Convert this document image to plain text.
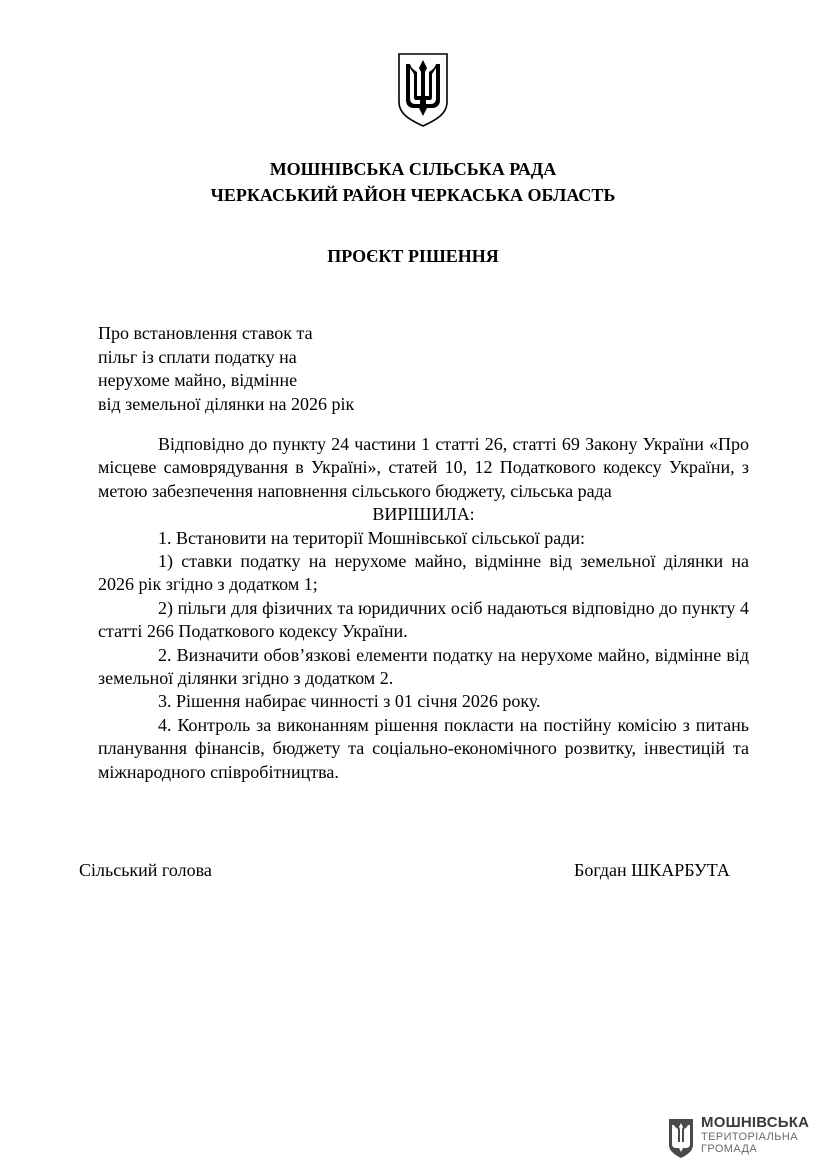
МОШНІВСЬКА СІЛЬСЬКА РАДА
ЧЕРКАСЬКИЙ РАЙОН ЧЕРКАСЬКА ОБЛАСТЬ
ПРОЄКТ РІШЕННЯ
Про встановлення ставок та
пільг із сплати податку на
нерухоме майно, відмінне
від земельної ділянки на 2026 рік

Відповідно до пункту 24 частини 1 статті 26, статті 69 Закону України «Про місцеве самоврядування в Україні», статей 10, 12 Податкового кодексу України, з метою забезпечення наповнення сільського бюджету, сільська рада

ВИРІШИЛА:

1. Встановити на території Мошнівської сільської ради:

1) ставки податку на нерухоме майно, відмінне від земельної ділянки на 2026 рік згідно з додатком 1;

2) пільги для фізичних та юридичних осіб надаються відповідно до пункту 4 статті 266 Податкового кодексу України.

2. Визначити обов’язкові елементи податку на нерухоме майно, відмінне від земельної ділянки згідно з додатком 2.

3. Рішення набирає чинності з 01 січня 2026 року.

4. Контроль за виконанням рішення покласти на постійну комісію з питань планування фінансів, бюджету та соціально-економічного розвитку, інвестицій та міжнародного співробітництва.

Сільський голова	Богдан ШКАРБУТА
МОШНІВСЬКА
ТЕРИТОРІАЛЬНА
ГРОМАДА
